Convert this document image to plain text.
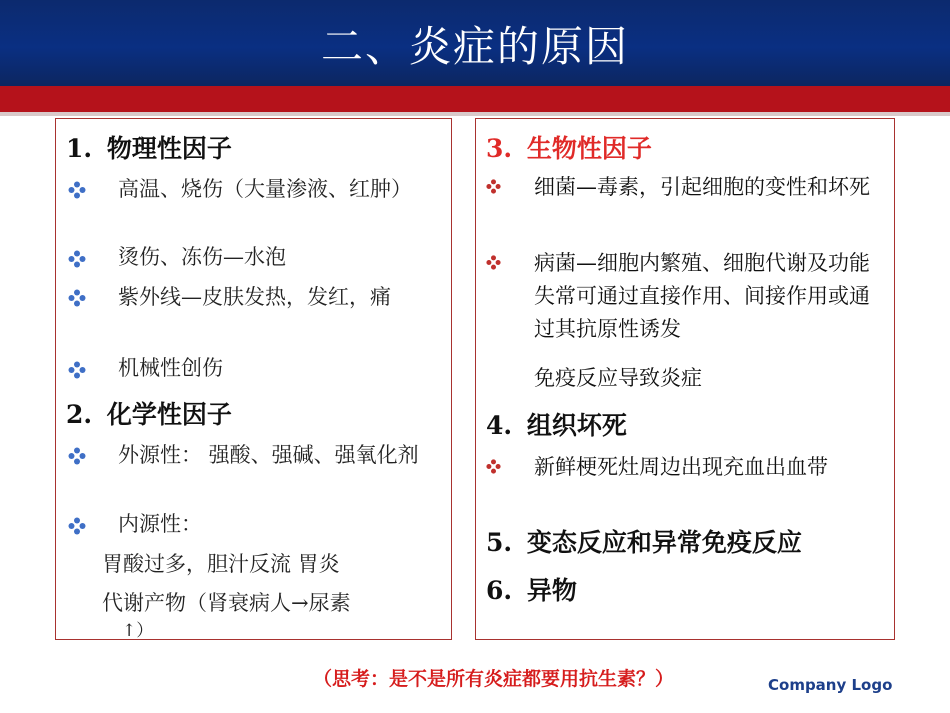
二、炎症的原因
1. 物理性因子
高温、烧伤（大量渗液、红肿）
烫伤、冻伤—水泡
紫外线—皮肤发热，发红，痛
机械性创伤
2. 化学性因子
外源性： 强酸、强碱、强氧化剂
内源性：
胃酸过多，胆汁反流 胃炎
代谢产物（肾衰病人→尿素
↑）
3. 生物性因子
细菌—毒素，引起细胞的变性和坏死
病菌—细胞内繁殖、细胞代谢及功能失常可通过直接作用、间接作用或通过其抗原性诱发
免疫反应导致炎症
4. 组织坏死
新鲜梗死灶周边出现充血出血带
5. 变态反应和异常免疫反应
6. 异物
（思考：是不是所有炎症都要用抗生素？）	Company Logo
